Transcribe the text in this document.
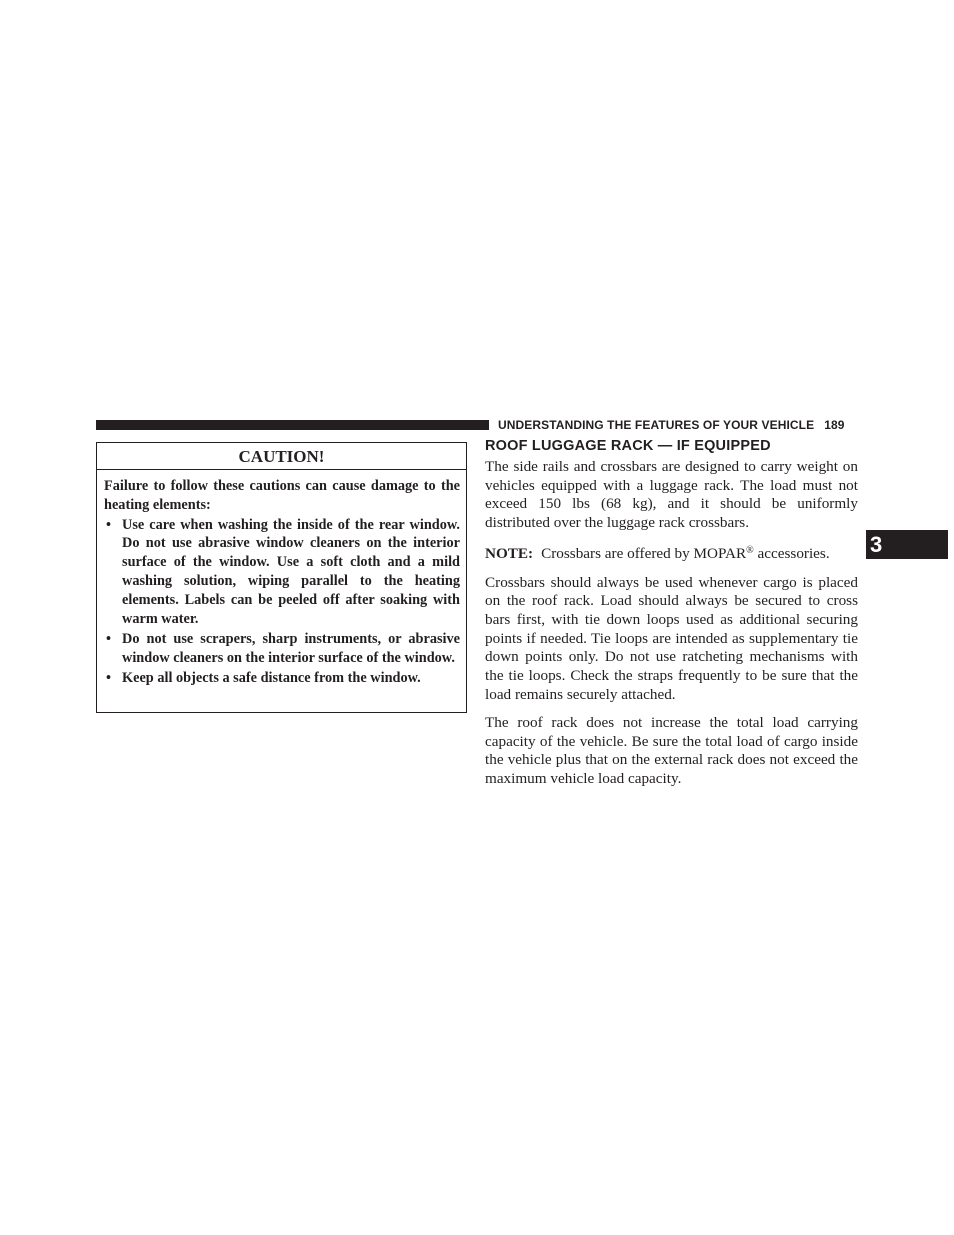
UNDERSTANDING THE FEATURES OF YOUR VEHICLE 189
CAUTION!

Failure to follow these cautions can cause damage to the heating elements:

• Use care when washing the inside of the rear window. Do not use abrasive window cleaners on the interior surface of the window. Use a soft cloth and a mild washing solution, wiping parallel to the heating elements. Labels can be peeled off after soaking with warm water.
• Do not use scrapers, sharp instruments, or abrasive window cleaners on the interior surface of the window.
• Keep all objects a safe distance from the window.
ROOF LUGGAGE RACK — IF EQUIPPED

The side rails and crossbars are designed to carry weight on vehicles equipped with a luggage rack. The load must not exceed 150 lbs (68 kg), and it should be uniformly distributed over the luggage rack crossbars.

NOTE: Crossbars are offered by MOPAR® accessories.

Crossbars should always be used whenever cargo is placed on the roof rack. Load should always be secured to cross bars first, with tie down loops used as additional securing points if needed. Tie loops are intended as supplementary tie down points only. Do not use ratcheting mechanisms with the tie loops. Check the straps frequently to be sure that the load remains securely attached.

The roof rack does not increase the total load carrying capacity of the vehicle. Be sure the total load of cargo inside the vehicle plus that on the external rack does not exceed the maximum vehicle load capacity.

3
